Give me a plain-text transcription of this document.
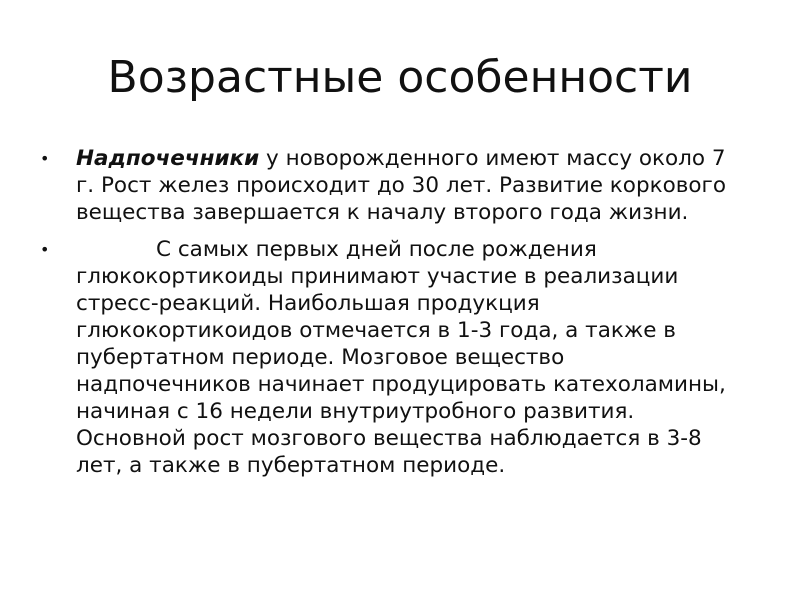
Возрастные особенности
• Надпочечники у новорожденного имеют массу около 7 г. Рост желез происходит до 30 лет. Развитие коркового вещества завершается к началу второго года жизни.
•	С самых первых дней после рождения глюкокортикоиды принимают участие в реализации стресс-реакций. Наибольшая продукция глюкокортикоидов отмечается в 1-3 года, а также в пубертатном периоде. Мозговое вещество надпочечников начинает продуцировать катехоламины, начиная с 16 недели внутриутробного развития. Основной рост мозгового вещества наблюдается в 3-8 лет, а также в пубертатном периоде.
